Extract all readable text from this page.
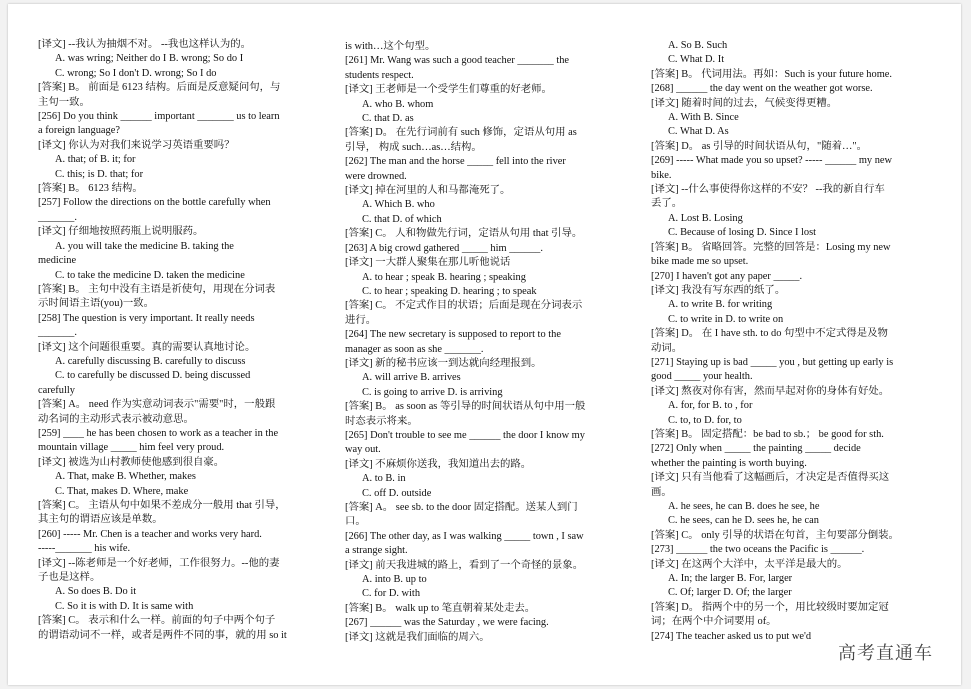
[译文] --我认为抽烟不对。 --我也这样认为的。
A. was wring; Neither do I B. wrong; So do I
C. wrong; So I don't D. wrong; So I do
[答案] B。 前面是 6123 结构。后面是反意疑问句，与
主句一致。
[256] Do you think ______ important _______ us to learn
a foreign language?
[译文] 你认为对我们来说学习英语重要吗？
A. that; of B. it; for
C. this; is D. that; for
[答案] B。 6123 结构。
[257] Follow the directions on the bottle carefully when
_______.
[译文] 仔细地按照药瓶上说明服药。
A. you will take the medicine B. taking the
medicine
C. to take the medicine D. taken the medicine
[答案] B。 主句中没有主语是祈使句，用现在分词表
示时间语主语(you)一致。
[258] The question is very important. It really needs
_______.
[译文] 这个问题很重要。真的需要认真地讨论。
A. carefully discussing B. carefully to discuss
C. to carefully be discussed D. being discussed
carefully
[答案] A。 need 作为实意动词表示"需要"时，一般跟
动名词的主动形式表示被动意思。
[259] ____ he has been chosen to work as a teacher in the
mountain village _____ him feel very proud.
[译文] 被选为山村教师使他感到很自豪。
A. That, make B. Whether, makes
C. That, makes D. Where, make
[答案] C。 主语从句中如果不差成分一般用 that 引导，
其主句的谓语应该是单数。
[260] ----- Mr. Chen is a teacher and works very hard.
-----_______ his wife.
[译文] --陈老师是一个好老师，工作很努力。--他的妻
子也是这样。
A. So does B. Do it
C. So it is with D. It is same with
[答案] C。 表示和什么一样。前面的句子中两个句子
的谓语动词不一样，或者是两件不同的事，就的用 so it
is with…这个句型。
[261] Mr. Wang was such a good teacher _______ the
students respect.
[译文] 王老师是一个受学生们尊重的好老师。
A. who B. whom
C. that D. as
[答案] D。 在先行词前有 such 修饰，定语从句用 as
引导， 构成 such…as…结构。
[262] The man and the horse _____ fell into the river
were drowned.
[译文] 掉在河里的人和马都淹死了。
A. Which B. who
C. that D. of which
[答案] C。 人和物做先行词，定语从句用 that 引导。
[263] A big crowd gathered _____ him ______.
[译文] 一大群人聚集在那儿听他说话
A. to hear ; speak B. hearing ; speaking
C. to hear ; speaking D. hearing ; to speak
[答案] C。 不定式作目的状语；后面是现在分词表示
进行。
[264] The new secretary is supposed to report to the
manager as soon as she _______.
[译文] 新的秘书应该一到达就向经理报到。
A. will arrive B. arrives
C. is going to arrive D. is arriving
[答案] B。 as soon as 等引导的时间状语从句中用一般
时态表示将来。
[265] Don't trouble to see me ______ the door I know my
way out.
[译文] 不麻烦你送我，我知道出去的路。
A. to B. in
C. off D. outside
[答案] A。 see sb. to the door 固定搭配。送某人到门
口。
[266] The other day, as I was walking _____ town , I saw
a strange sight.
[译文] 前天我进城的路上，看到了一个奇怪的景象。
A. into B. up to
C. for D. with
[答案] B。 walk up to 笔直朝着某处走去。
[267] ______ was the Saturday , we were facing.
[译文] 这就是我们面临的周六。
A. So B. Such
C. What D. It
[答案] B。 代词用法。再如：Such is your future home.
[268] ______ the day went on the weather got worse.
[译文] 随着时间的过去，气候变得更糟。
A. With B. Since
C. What D. As
[答案] D。 as 引导的时间状语从句，"随着…"。
[269] ----- What made you so upset? ----- ______ my new
bike.
[译文] --什么事使得你这样的不安？ --我的新自行车
丢了。
A. Lost B. Losing
C. Because of losing D. Since I lost
[答案] B。 省略回答。完整的回答是：Losing my new
bike made me so upset.
[270] I haven't got any paper _____.
[译文] 我没有写东西的纸了。
A. to write B. for writing
C. to write in D. to write on
[答案] D。 在 I have sth. to do 句型中不定式得是及物
动词。
[271] Staying up is bad _____ you , but getting up early is
good _____ your health.
[译文] 熬夜对你有害，然而早起对你的身体有好处。
A. for, for B. to , for
C. to, to D. for, to
[答案] B。 固定搭配：be bad to sb.； be good for sth.
[272] Only when _____ the painting _____ decide
whether the painting is worth buying.
[译文] 只有当他看了这幅画后，才决定是否值得买这
画。
A. he sees, he can B. does he see, he
C. he sees, can he D. sees he, he can
[答案] C。 only 引导的状语在句首，主句要部分倒装。
[273] ______ the two oceans the Pacific is ______.
[译文] 在这两个大洋中，太平洋是最大的。
A. In; the larger B. For, larger
C. Of; larger D. Of; the larger
[答案] D。 指两个中的另一个，用比较级时要加定冠
词；在两个中介词要用 of。
[274] The teacher asked us to put we'd
高考直通车
